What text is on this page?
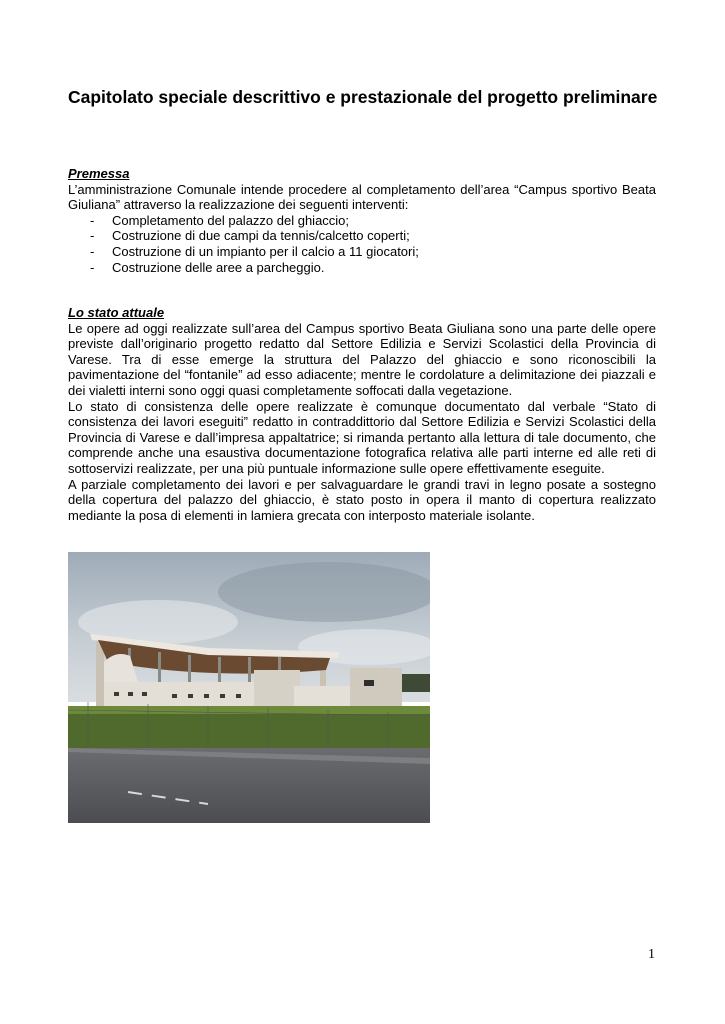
Capitolato speciale descrittivo e prestazionale del progetto preliminare
Premessa

L’amministrazione Comunale intende procedere al completamento dell’area “Campus sportivo Beata Giuliana” attraverso la realizzazione dei seguenti interventi:

-	Completamento del palazzo del ghiaccio;
-	Costruzione di due campi da tennis/calcetto coperti;
-	Costruzione di un impianto per il calcio a 11 giocatori;
-	Costruzione delle aree a parcheggio.
Lo stato attuale

Le opere ad oggi realizzate sull’area del Campus sportivo Beata Giuliana sono una parte delle opere previste dall’originario progetto redatto dal Settore Edilizia e Servizi Scolastici della Provincia di Varese. Tra di esse emerge la struttura del Palazzo del ghiaccio e sono riconoscibili la pavimentazione del “fontanile” ad esso adiacente; mentre le cordolature a delimitazione dei piazzali e dei vialetti interni sono oggi quasi completamente soffocati dalla vegetazione.

Lo stato di consistenza delle opere realizzate è comunque documentato dal verbale “Stato di consistenza dei lavori eseguiti” redatto in contraddittorio dal Settore Edilizia e Servizi Scolastici della Provincia di Varese e dall’impresa appaltatrice; si rimanda pertanto alla lettura di tale documento, che comprende anche una esaustiva documentazione fotografica relativa alle parti interne ed alle reti di sottoservizi realizzate, per una più puntuale informazione sulle opere effettivamente eseguite.

A parziale completamento dei lavori e per salvaguardare le grandi travi in legno posate a sostegno della copertura del palazzo del ghiaccio, è stato posto in opera il manto di copertura realizzato mediante la posa di elementi in lamiera grecata con interposto materiale isolante.

1
